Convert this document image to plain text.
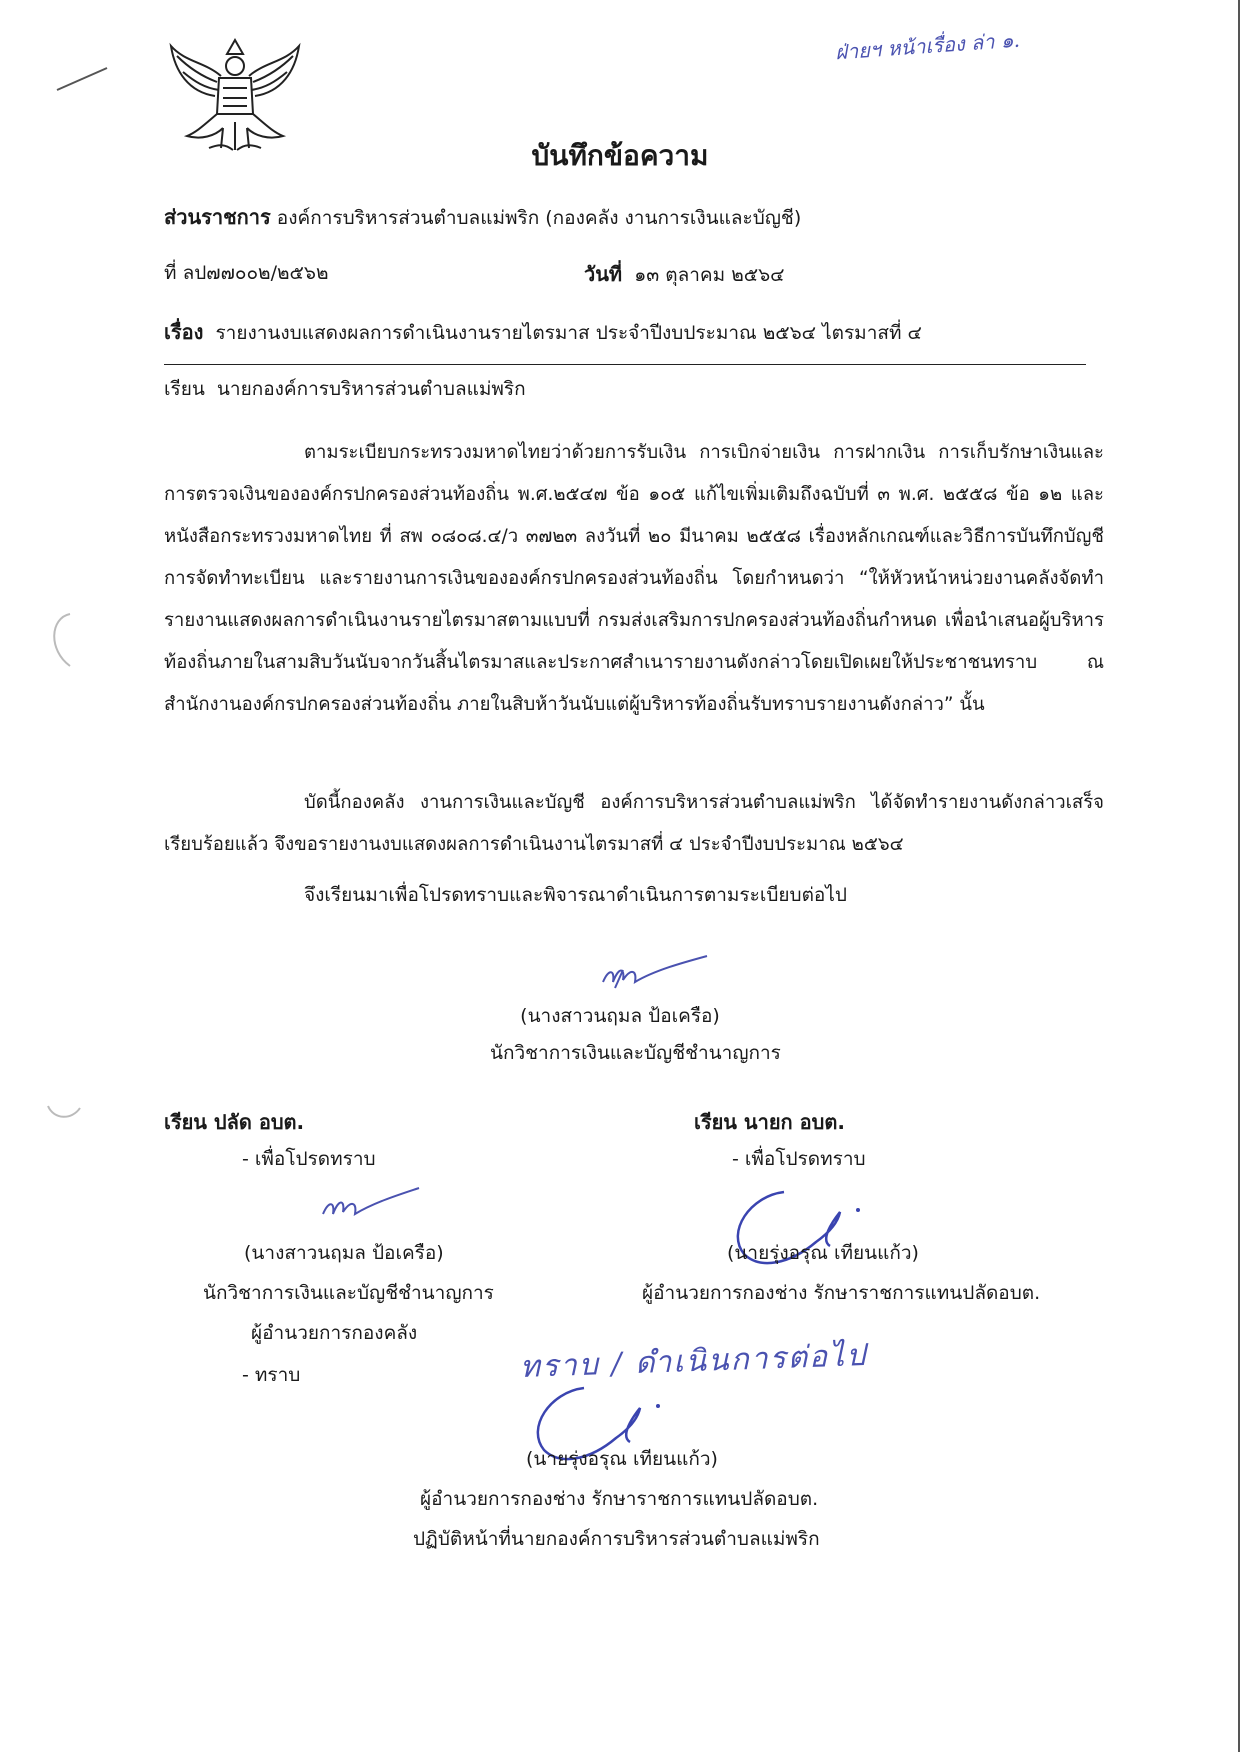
ฝ่ายฯ หน้าเรื่อง ล่า ๑.
บันทึกข้อความ
ส่วนราชการ องค์การบริหารส่วนตำบลแม่พริก (กองคลัง งานการเงินและบัญชี)
ที่ ลป๗๗๐๐๒/๒๕๖๒	วันที่ ๑๓ ตุลาคม ๒๕๖๔
เรื่อง รายงานงบแสดงผลการดำเนินงานรายไตรมาส ประจำปีงบประมาณ ๒๕๖๔ ไตรมาสที่ ๔
เรียน นายกองค์การบริหารส่วนตำบลแม่พริก
ตามระเบียบกระทรวงมหาดไทยว่าด้วยการรับเงิน การเบิกจ่ายเงิน การฝากเงิน การเก็บรักษาเงินและการตรวจเงินขององค์กรปกครองส่วนท้องถิ่น พ.ศ.๒๕๔๗ ข้อ ๑๐๕ แก้ไขเพิ่มเติมถึงฉบับที่ ๓ พ.ศ. ๒๕๕๘ ข้อ ๑๒ และหนังสือกระทรวงมหาดไทย ที่ สพ ๐๘๐๘.๔/ว ๓๗๒๓ ลงวันที่ ๒๐ มีนาคม ๒๕๕๘ เรื่องหลักเกณฑ์และวิธีการบันทึกบัญชี การจัดทำทะเบียน และรายงานการเงินขององค์กรปกครองส่วนท้องถิ่น โดยกำหนดว่า “ให้หัวหน้าหน่วยงานคลังจัดทำรายงานแสดงผลการดำเนินงานรายไตรมาสตามแบบที่ กรมส่งเสริมการปกครองส่วนท้องถิ่นกำหนด เพื่อนำเสนอผู้บริหารท้องถิ่นภายในสามสิบวันนับจากวันสิ้นไตรมาสและประกาศสำเนารายงานดังกล่าวโดยเปิดเผยให้ประชาชนทราบ ณ สำนักงานองค์กรปกครองส่วนท้องถิ่น ภายในสิบห้าวันนับแต่ผู้บริหารท้องถิ่นรับทราบรายงานดังกล่าว” นั้น
บัดนี้กองคลัง งานการเงินและบัญชี องค์การบริหารส่วนตำบลแม่พริก ได้จัดทำรายงานดังกล่าวเสร็จเรียบร้อยแล้ว จึงขอรายงานงบแสดงผลการดำเนินงานไตรมาสที่ ๔ ประจำปีงบประมาณ ๒๕๖๔
จึงเรียนมาเพื่อโปรดทราบและพิจารณาดำเนินการตามระเบียบต่อไป
(นางสาวนฤมล ป้อเครือ)
นักวิชาการเงินและบัญชีชำนาญการ
เรียน ปลัด อบต.
- เพื่อโปรดทราบ
(นางสาวนฤมล ป้อเครือ)
นักวิชาการเงินและบัญชีชำนาญการ
ผู้อำนวยการกองคลัง
- ทราบ
เรียน นายก อบต.
- เพื่อโปรดทราบ
(นายรุ่งอรุณ เทียนแก้ว)
ผู้อำนวยการกองช่าง รักษาราชการแทนปลัดอบต.
ทราบ / ดำเนินการต่อไป
(นายรุ่งอรุณ เทียนแก้ว)
ผู้อำนวยการกองช่าง รักษาราชการแทนปลัดอบต.
ปฏิบัติหน้าที่นายกองค์การบริหารส่วนตำบลแม่พริก
